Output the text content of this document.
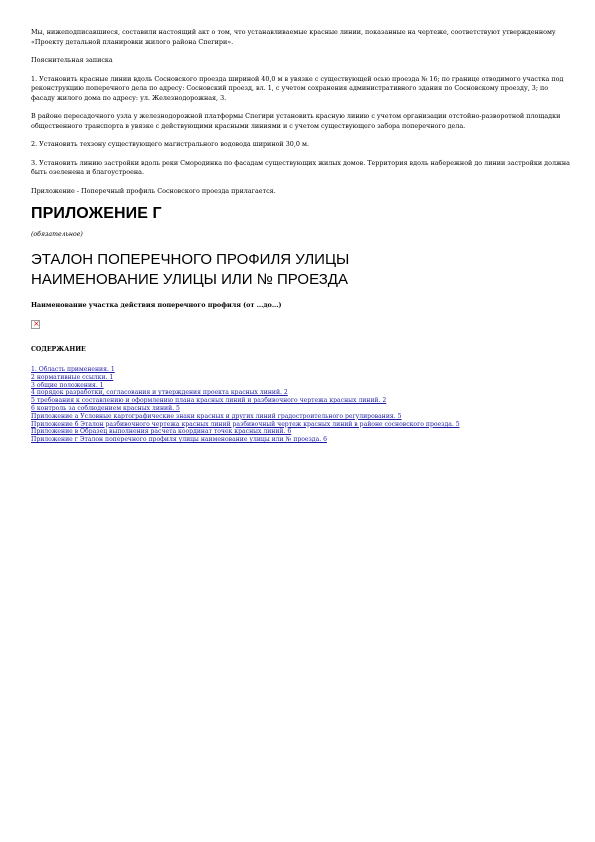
Мы, нижеподписавшиеся, составили настоящий акт о том, что устанавливаемые красные линии, показанные на чертеже, соответствуют утвержденному «Проекту детальной планировки жилого района Спегири».

Пояснительная записка

1. Установить красные линии вдоль Сосновского проезда шириной 40,0 м в увязке с существующей осью проезда № 16; по границе отводимого участка под реконструкцию поперечного дела по адресу: Сосновский проезд, вл. 1, с учетом сохранения административного здания по Сосновскому проезду, 3; по фасаду жилого дома по адресу: ул. Железнодорожная, 3.

В районе пересадочного узла у железнодорожной платформы Спегири установить красную линию с учетом организации отстойно-разворотной площадки общественного транспорта в увязке с действующими красными линиями и с учетом существующего забора поперечного дела.

2. Установить техзону существующего магистрального водовода шириной 30,0 м.

3. Установить линию застройки вдоль реки Смородинка по фасадам существующих жилых домов. Территория вдоль набережной до линии застройки должна быть озеленена и благоустроена.

Приложение - Поперечный профиль Сосновского проезда прилагается.

ПРИЛОЖЕНИЕ Г

(обязательное)

ЭТАЛОН ПОПЕРЕЧНОГО ПРОФИЛЯ УЛИЦЫ
НАИМЕНОВАНИЕ УЛИЦЫ ИЛИ № ПРОЕЗДА

Наименование участка действия поперечного профиля (от ...до...)

×

СОДЕРЖАНИЕ

1. Область применения. 1
2 нормативные ссылки. 1
3 общие положения. 1
4 порядок разработки, согласования и утверждения проекта красных линий. 2
5 требования к составлению и оформлению плана красных линий и разбивочного чертежа красных линий. 2
6 контроль за соблюдением красных линий. 5
Приложение а Условные картографические знаки красных и других линий градостроительного регулирования. 5
Приложение б Эталон разбивочного чертежа красных линий разбивочный чертеж красных линий в районе сосновского проезда. 5
Приложение в Образец выполнения расчета координат точек красных линий. 6
Приложение г Эталон поперечного профиля улицы наименование улицы или № проезда. 6
